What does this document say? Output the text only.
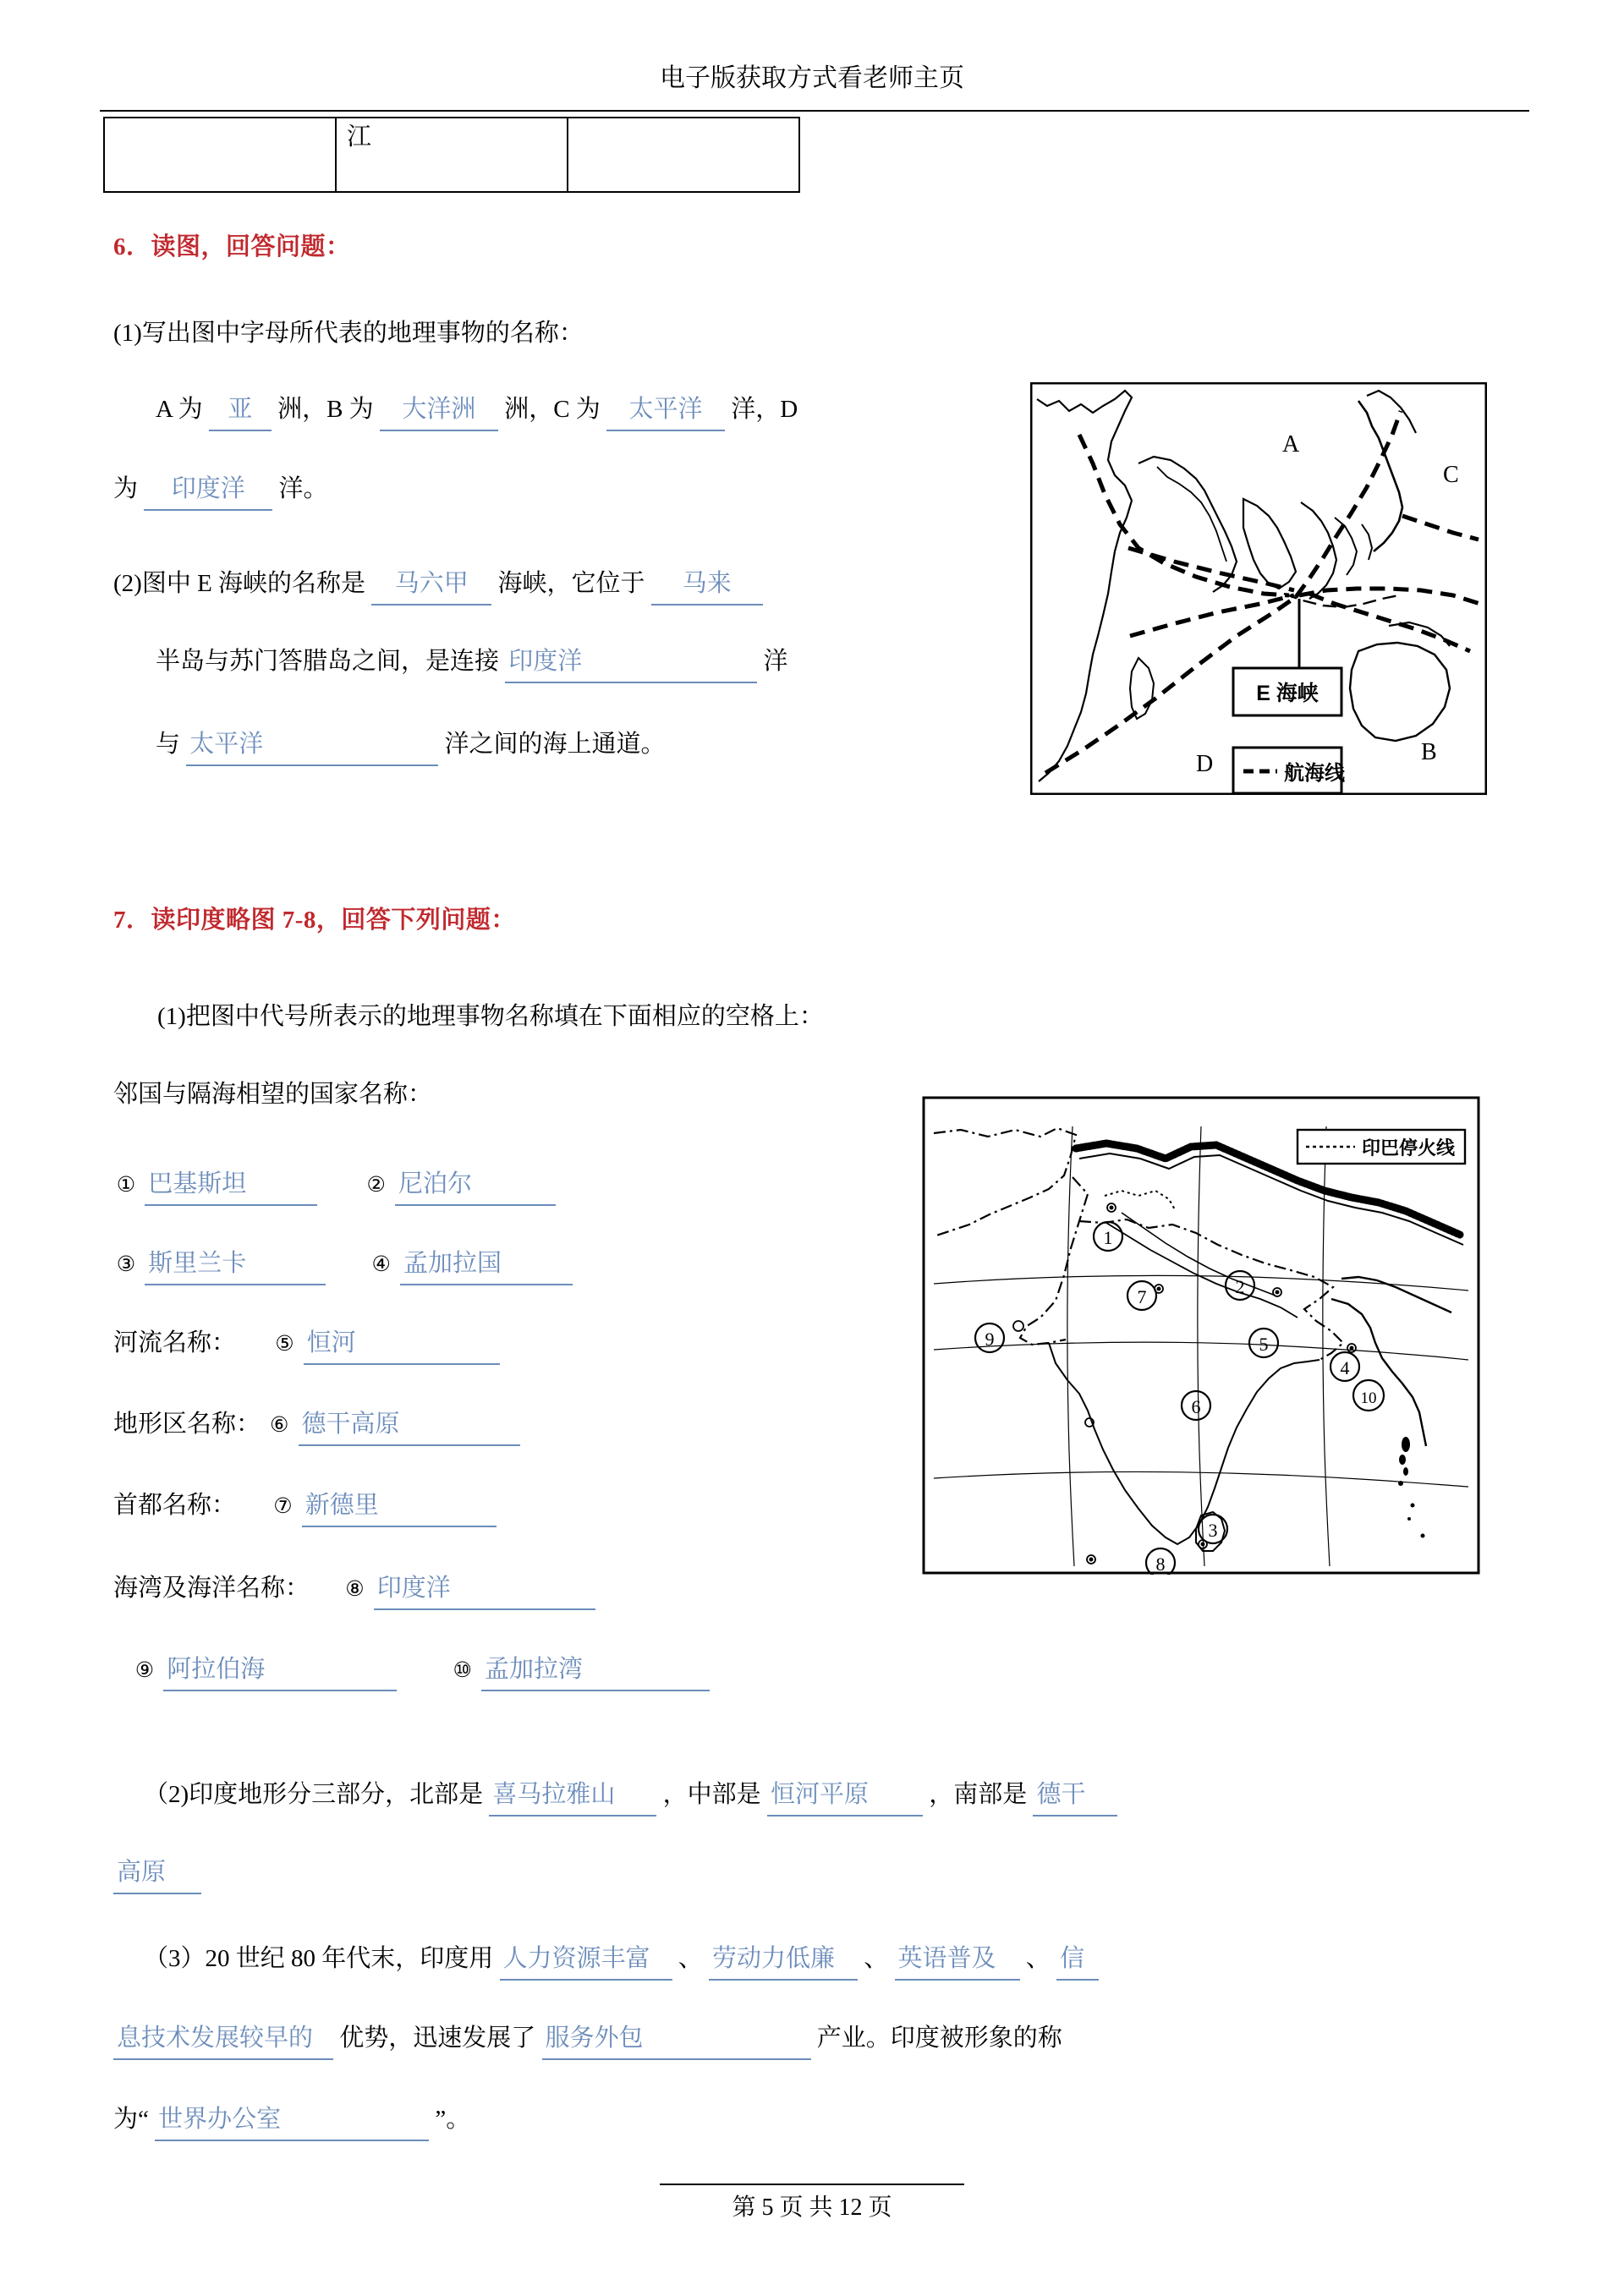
电子版获取方式看老师主页
	江	
6．读图，回答问题：
(1)写出图中字母所代表的地理事物的名称：
A 为 亚 洲，B 为 大洋洲 洲，C 为 太平洋 洋，D
为 印度洋 洋。
(2)图中 E 海峡的名称是 马六甲 海峡，它位于 马来
半岛与苏门答腊岛之间，是连接 印度洋	洋
与 太平洋	洋之间的海上通道。
A
B
C
D
E 海峡
航海线
7．读印度略图 7-8，回答下列问题：
(1)把图中代号所表示的地理事物名称填在下面相应的空格上：
邻国与隔海相望的国家名称：
① 巴基斯坦	② 尼泊尔
③ 斯里兰卡	④ 孟加拉国
河流名称： ⑤ 恒河
地形区名称： ⑥ 德干高原
首都名称： ⑦ 新德里
海湾及海洋名称： ⑧ 印度洋
⑨ 阿拉伯海	⑩ 孟加拉湾
1
2
3
4
5
6
7
8
9
10
印巴停火线
（2)印度地形分三部分，北部是 喜马拉雅山 ，中部是 恒河平原 ，南部是 德干
高原
（3）20 世纪 80 年代末，印度用 人力资源丰富 、 劳动力低廉 、 英语普及 、 信
息技术发展较早的 优势，迅速发展了 服务外包	产业。印度被形象的称
为“ 世界办公室	”。
第 5 页 共 12 页
